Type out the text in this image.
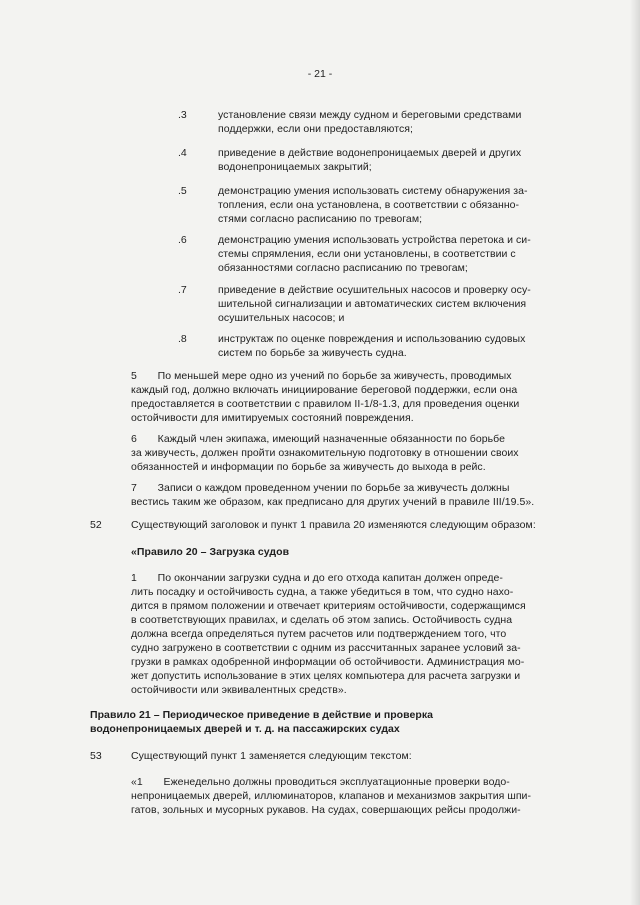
- 21 -

.3	установление связи между судном и береговыми средствами

поддержки, если они предоставляются;

.4	приведение в действие водонепроницаемых дверей и других

водонепроницаемых закрытий;

.5	демонстрацию умения использовать систему обнаружения за-

топления, если она установлена, в соответствии с обязанно-

стями согласно расписанию по тревогам;

.6	демонстрацию умения использовать устройства перетока и си-

стемы спрямления, если они установлены, в соответствии с

обязанностями согласно расписанию по тревогам;

.7	приведение в действие осушительных насосов и проверку осу-

шительной сигнализации и автоматических систем включения

осушительных насосов; и

.8	инструктаж по оценке повреждения и использованию судовых

систем по борьбе за живучесть судна.

5       По меньшей мере одно из учений по борьбе за живучесть, проводимых

каждый год, должно включать инициирование береговой поддержки, если она

предоставляется в соответствии с правилом II-1/8-1.3, для проведения оценки

остойчивости для имитируемых состояний повреждения.

6       Каждый член экипажа, имеющий назначенные обязанности по борьбе

за живучесть, должен пройти ознакомительную подготовку в отношении своих

обязанностей и информации по борьбе за живучесть до выхода в рейс.

7       Записи о каждом проведенном учении по борьбе за живучесть должны

вестись таким же образом, как предписано для других учений в правиле III/19.5».

52	Существующий заголовок и пункт 1 правила 20 изменяются следующим образом:

«Правило 20 – Загрузка судов

1       По окончании загрузки судна и до его отхода капитан должен опреде-

лить посадку и остойчивость судна, а также убедиться в том, что судно нахо-

дится в прямом положении и отвечает критериям остойчивости, содержащимся

в соответствующих правилах, и сделать об этом запись. Остойчивость судна

должна всегда определяться путем расчетов или подтверждением того, что

судно загружено в соответствии с одним из рассчитанных заранее условий за-

грузки в рамках одобренной информации об остойчивости. Администрация мо-

жет допустить использование в этих целях компьютера для расчета загрузки и

остойчивости или эквивалентных средств».

Правило 21 – Периодическое приведение в действие и проверка

водонепроницаемых дверей и т. д. на пассажирских судах

53	Существующий пункт 1 заменяется следующим текстом:

«1       Еженедельно должны проводиться эксплуатационные проверки водо-

непроницаемых дверей, иллюминаторов, клапанов и механизмов закрытия шпи-

гатов, зольных и мусорных рукавов. На судах, совершающих рейсы продолжи-
